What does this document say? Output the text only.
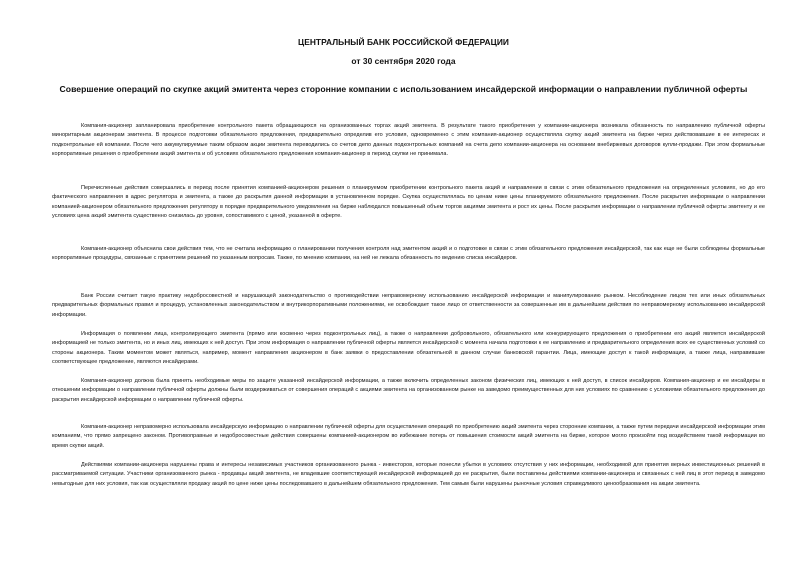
ЦЕНТРАЛЬНЫЙ БАНК РОССИЙСКОЙ ФЕДЕРАЦИИ
от 30 сентября 2020 года
Совершение операций по скупке акций эмитента через сторонние компании с использованием инсайдерской информации о направлении публичной оферты

Компания-акционер запланировала приобретение контрольного пакета обращающихся на организованных торгах акций эмитента. В результате такого приобретения у компании-акционера возникала обязанность по направлению публичной оферты миноритарным акционерам эмитента. В процессе подготовки обязательного предложения, предварительно определив его условия, одновременно с этим компания-акционер осуществляла скупку акций эмитента на бирже через действовавшие в ее интересах и подконтрольные ей компании. После чего аккумулируемые таким образом акции эмитента переводились со счетов депо данных подконтрольных компаний на счета депо компании-акционера на основании внебиржевых договоров купли-продажи. При этом формальные корпоративные решения о приобретении акций эмитента и об условиях обязательного предложения компания-акционер в период скупки не принимала.

Перечисленные действия совершались в период после принятия компанией-акционером решения о планируемом приобретении контрольного пакета акций и направлении в связи с этим обязательного предложения на определенных условиях, но до его фактического направления в адрес регулятора и эмитента, а также до раскрытия данной информации в установленном порядке. Скупка осуществлялась по ценам ниже цены планируемого обязательного предложения. После раскрытия информации о направлении компанией-акционером обязательного предложения регулятору в порядке предварительного уведомления на бирже наблюдался повышенный объем торгов акциями эмитента и рост их цены. После раскрытия информации о направлении публичной оферты эмитенту и ее условиях цена акций эмитента существенно снизилась до уровня, сопоставимого с ценой, указанной в оферте.

Компания-акционер объяснила свои действия тем, что не считала информацию о планировании получения контроля над эмитентом акций и о подготовке в связи с этим обязательного предложения инсайдерской, так как еще не были соблюдены формальные корпоративные процедуры, связанные с принятием решений по указанным вопросам. Также, по мнению компании, на ней не лежала обязанность по ведению списка инсайдеров.

Банк России считает такую практику недобросовестной и нарушающей законодательство о противодействии неправомерному использованию инсайдерской информации и манипулированию рынком. Несоблюдение лицом тех или иных обязательных предварительных формальных правил и процедур, установленных законодательством и внутрикорпоративными положениями, не освобождает такое лицо от ответственности за совершенные им в дальнейшем действия по неправомерному использованию инсайдерской информации.

Информация о появлении лица, контролирующего эмитента (прямо или косвенно через подконтрольных лиц), а также о направлении добровольного, обязательного или конкурирующего предложения о приобретении его акций является инсайдерской информацией не только эмитента, но и иных лиц, имеющих к ней доступ. При этом информация о направлении публичной оферты является инсайдерской с момента начала подготовки к ее направлению и предварительного определения всех ее существенных условий со стороны акционера. Таким моментом может являться, например, момент направления акционером в банк заявки о предоставлении обязательной в данном случае банковской гарантии. Лица, имеющие доступ к такой информации, а также лица, направившие соответствующее предложение, являются инсайдерами.

Компания-акционер должна была принять необходимые меры по защите указанной инсайдерской информации, а также включить определенных законом физических лиц, имеющих к ней доступ, в список инсайдеров. Компания-акционер и ее инсайдеры в отношении информации о направлении публичной оферты должны были воздерживаться от совершения операций с акциями эмитента на организованном рынке на заведомо преимущественных для них условиях по сравнению с условиями обязательного предложения до раскрытия инсайдерской информации о направлении публичной оферты.

Компания-акционер неправомерно использовала инсайдерскую информацию о направлении публичной оферты для осуществления операций по приобретению акций эмитента через сторонние компании, а также путем передачи инсайдерской информации этим компаниям, что прямо запрещено законом. Противоправные и недобросовестные действия совершены компанией-акционером во избежание потерь от повышения стоимости акций эмитента на бирже, которое могло произойти под воздействием такой информации во время скупки акций.

Действиями компании-акционера нарушены права и интересы независимых участников организованного рынка - инвесторов, которые понесли убытки в условиях отсутствия у них информации, необходимой для принятия верных инвестиционных решений в рассматриваемой ситуации. Участники организованного рынка - продавцы акций эмитента, не владевшие соответствующей инсайдерской информацией до ее раскрытия, были поставлены действиями компании-акционера и связанных с ней лиц в этот период в заведомо невыгодные для них условия, так как осуществляли продажу акций по цене ниже цены последовавшего в дальнейшем обязательного предложения. Тем самым были нарушены рыночные условия справедливого ценообразования на акции эмитента.
